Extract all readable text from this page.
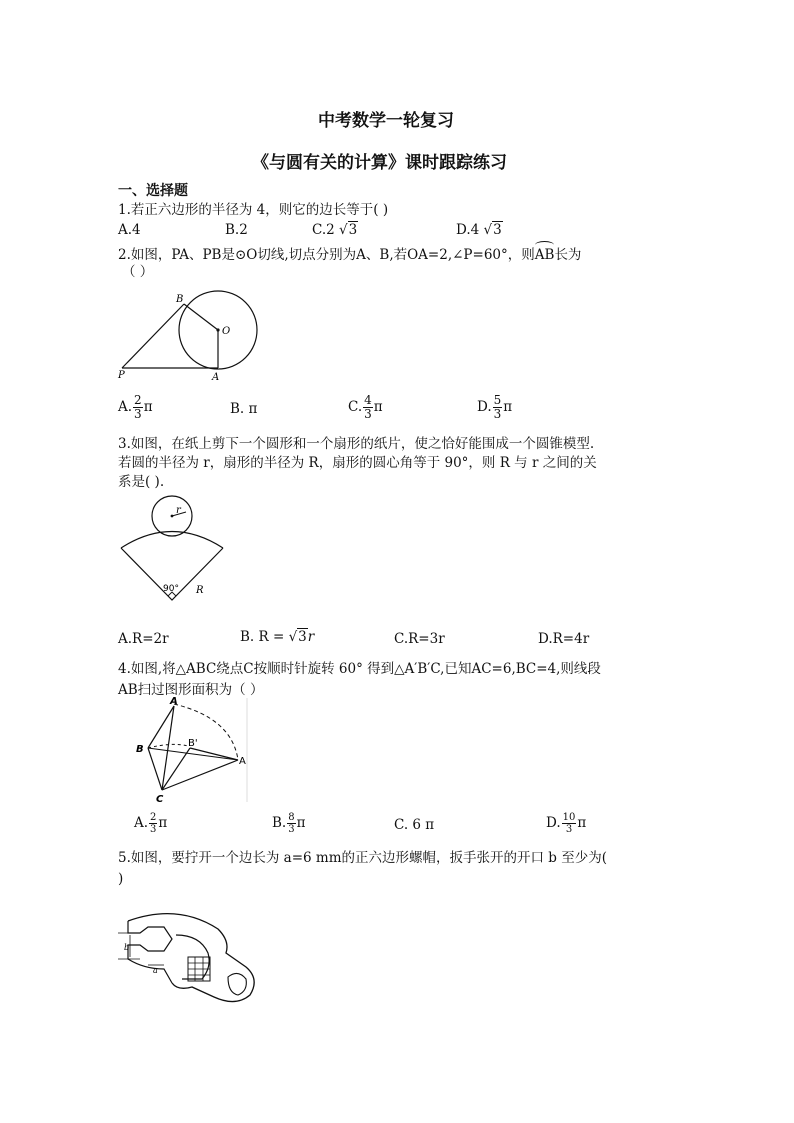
中考数学一轮复习
《与圆有关的计算》课时跟踪练习
一、选择题
1.若正六边形的半径为 4，则它的边长等于( )
A.4	B.2	C.2 √3	D.4 √3
2.如图，PA、PB是⊙O切线,切点分别为A、B,若OA=2,∠P=60°，则AB长为
（ ）
B
O
P	A
A. $\frac{2}{3}$ π	B. π	C. $\frac{4}{3}$ π	D. $\frac{5}{3}$ π
3.如图，在纸上剪下一个圆形和一个扇形的纸片，使之恰好能围成一个圆锥模型.
若圆的半径为 r，扇形的半径为 R，扇形的圆心角等于 90°，则 R 与 r 之间的关
系是( ).
r
90° R
A.R=2r	B. R = √3r	C.R=3r	D.R=4r
4.如图,将△ABC绕点C按顺时针旋转 60° 得到△A′B′C,已知AC=6,BC=4,则线段
AB扫过图形面积为（ ）
A
B
B'
A
C
A. $\frac{2}{3}$ π	B. $\frac{8}{3}$ π	C. 6 π	D. $\frac{10}{3}$ π
5.如图，要拧开一个边长为 a=6 mm的正六边形螺帽，扳手张开的开口 b 至少为(
)
b
a
